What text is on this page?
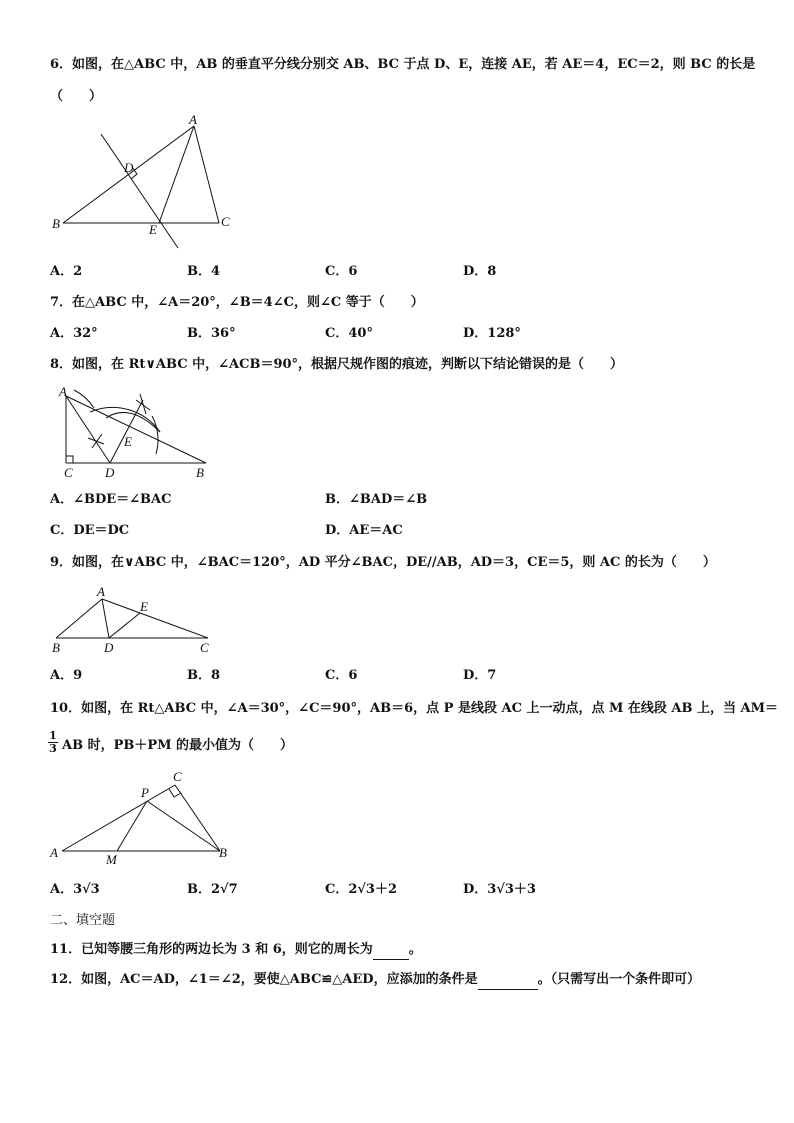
6．如图，在△ABC 中，AB 的垂直平分线分别交 AB、BC 于点 D、E，连接 AE，若 AE＝4，EC＝2，则 BC 的长是
（　　）
A
B	C
D
E
A．2	B．4	C．6	D．8
7．在△ABC 中，∠A＝20°，∠B＝4∠C，则∠C 等于（　　）
A．32°	B．36°	C．40°	D．128°
8．如图，在 Rt∨ABC 中，∠ACB＝90°，根据尺规作图的痕迹，判断以下结论错误的是（　　）
A
C D	B
E
A．∠BDE＝∠BAC	B．∠BAD＝∠B
C．DE＝DC	D．AE＝AC
9．如图，在∨ABC 中，∠BAC＝120°，AD 平分∠BAC，DE//AB，AD＝3，CE＝5，则 AC 的长为（　　）
A
B	C
D
E
A．9	B．8	C．6	D．7
10．如图，在 Rt△ABC 中，∠A＝30°，∠C＝90°，AB＝6，点 P 是线段 AC 上一动点，点 M 在线段 AB 上，当 AM＝
$\frac{1}{3}$ AB 时，PB＋PM 的最小值为（　　）
C
P
A	B
M
A．3√3	B．2√7	C．2√3＋2	D．3√3＋3
二、填空题
11．已知等腰三角形的两边长为 3 和 6，则它的周长为	。
12．如图，AC＝AD，∠1＝∠2，要使△ABC≌△AED，应添加的条件是	。（只需写出一个条件即可）
